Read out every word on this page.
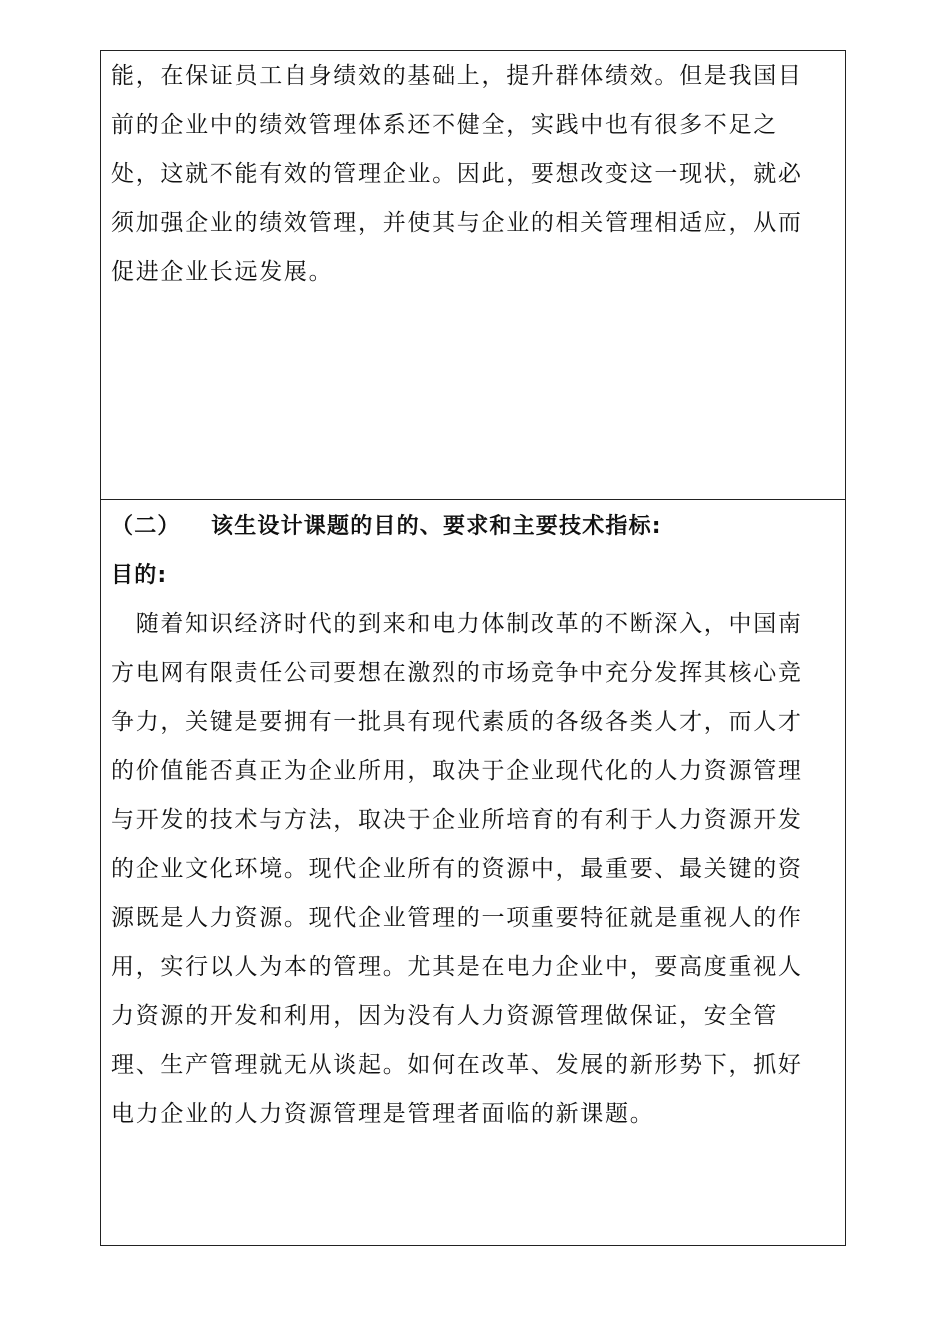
能，在保证员工自身绩效的基础上，提升群体绩效。但是我国目
前的企业中的绩效管理体系还不健全，实践中也有很多不足之
处，这就不能有效的管理企业。因此，要想改变这一现状，就必
须加强企业的绩效管理，并使其与企业的相关管理相适应，从而
促进企业长远发展。
（二） 该生设计课题的目的、要求和主要技术指标:
目的:
　随着知识经济时代的到来和电力体制改革的不断深入，中国南
方电网有限责任公司要想在激烈的市场竞争中充分发挥其核心竞
争力，关键是要拥有一批具有现代素质的各级各类人才，而人才
的价值能否真正为企业所用，取决于企业现代化的人力资源管理
与开发的技术与方法，取决于企业所培育的有利于人力资源开发
的企业文化环境。现代企业所有的资源中，最重要、最关键的资
源既是人力资源。现代企业管理的一项重要特征就是重视人的作
用，实行以人为本的管理。尤其是在电力企业中，要高度重视人
力资源的开发和利用，因为没有人力资源管理做保证，安全管
理、生产管理就无从谈起。如何在改革、发展的新形势下，抓好
电力企业的人力资源管理是管理者面临的新课题。
